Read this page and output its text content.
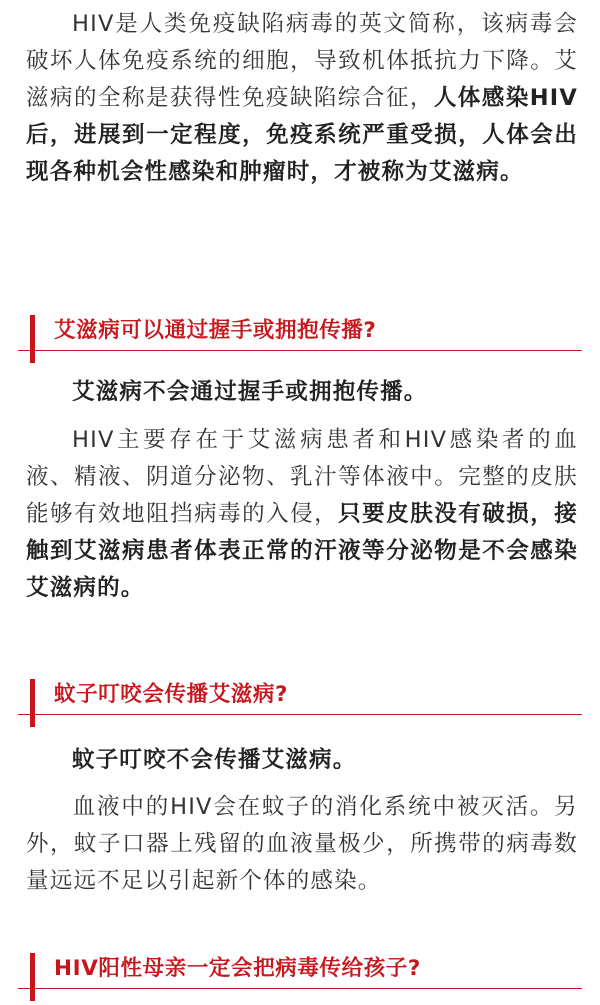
HIV是人类免疫缺陷病毒的英文简称，该病毒会破坏人体免疫系统的细胞，导致机体抵抗力下降。艾滋病的全称是获得性免疫缺陷综合征，人体感染HIV后，进展到一定程度，免疫系统严重受损，人体会出现各种机会性感染和肿瘤时，才被称为艾滋病。

艾滋病可以通过握手或拥抱传播?

艾滋病不会通过握手或拥抱传播。

HIV主要存在于艾滋病患者和HIV感染者的血液、精液、阴道分泌物、乳汁等体液中。完整的皮肤能够有效地阻挡病毒的入侵，只要皮肤没有破损，接触到艾滋病患者体表正常的汗液等分泌物是不会感染艾滋病的。

蚊子叮咬会传播艾滋病?

蚊子叮咬不会传播艾滋病。

血液中的HIV会在蚊子的消化系统中被灭活。另外，蚊子口器上残留的血液量极少，所携带的病毒数量远远不足以引起新个体的感染。

HIV阳性母亲一定会把病毒传给孩子?
